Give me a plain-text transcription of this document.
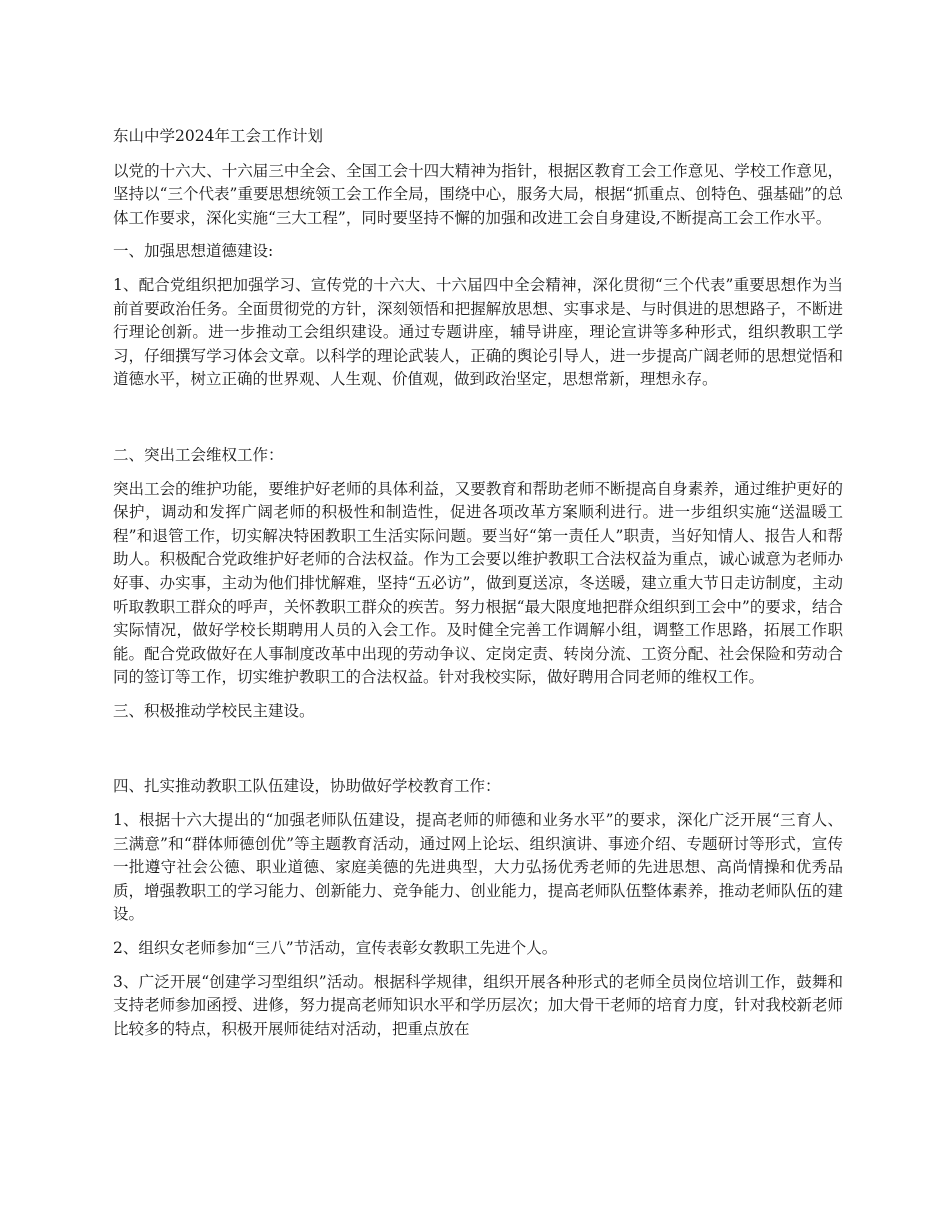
东山中学2024年工会工作计划

以党的十六大、十六届三中全会、全国工会十四大精神为指针，根据区教育工会工作意见、学校工作意见，坚持以“三个代表”重要思想统领工会工作全局，围绕中心，服务大局，根据“抓重点、创特色、强基础”的总体工作要求，深化实施“三大工程”，同时要坚持不懈的加强和改进工会自身建设,不断提高工会工作水平。

一、加强思想道德建设:

1、配合党组织把加强学习、宣传党的十六大、十六届四中全会精神，深化贯彻“三个代表”重要思想作为当前首要政治任务。全面贯彻党的方针，深刻领悟和把握解放思想、实事求是、与时俱进的思想路子，不断进行理论创新。进一步推动工会组织建设。通过专题讲座，辅导讲座，理论宣讲等多种形式，组织教职工学习，仔细撰写学习体会文章。以科学的理论武装人，正确的舆论引导人，进一步提高广阔老师的思想觉悟和道德水平，树立正确的世界观、人生观、价值观，做到政治坚定，思想常新，理想永存。

二、突出工会维权工作：

突出工会的维护功能，要维护好老师的具体利益，又要教育和帮助老师不断提高自身素养，通过维护更好的保护，调动和发挥广阔老师的积极性和制造性，促进各项改革方案顺利进行。进一步组织实施“送温暖工程”和退管工作，切实解决特困教职工生活实际问题。要当好“第一责任人”职责，当好知情人、报告人和帮助人。积极配合党政维护好老师的合法权益。作为工会要以维护教职工合法权益为重点，诚心诚意为老师办好事、办实事，主动为他们排忧解难，坚持“五必访”，做到夏送凉，冬送暖，建立重大节日走访制度，主动听取教职工群众的呼声，关怀教职工群众的疾苦。努力根据“最大限度地把群众组织到工会中”的要求，结合实际情况，做好学校长期聘用人员的入会工作。及时健全完善工作调解小组，调整工作思路，拓展工作职能。配合党政做好在人事制度改革中出现的劳动争议、定岗定责、转岗分流、工资分配、社会保险和劳动合同的签订等工作，切实维护教职工的合法权益。针对我校实际，做好聘用合同老师的维权工作。

三、积极推动学校民主建设。

四、扎实推动教职工队伍建设，协助做好学校教育工作：

1、根据十六大提出的“加强老师队伍建设，提高老师的师德和业务水平”的要求，深化广泛开展“三育人、三满意”和“群体师德创优”等主题教育活动，通过网上论坛、组织演讲、事迹介绍、专题研讨等形式，宣传一批遵守社会公德、职业道德、家庭美德的先进典型，大力弘扬优秀老师的先进思想、高尚情操和优秀品质，增强教职工的学习能力、创新能力、竞争能力、创业能力，提高老师队伍整体素养，推动老师队伍的建设。

2、组织女老师参加“三八”节活动，宣传表彰女教职工先进个人。

3、广泛开展“创建学习型组织”活动。根据科学规律，组织开展各种形式的老师全员岗位培训工作，鼓舞和支持老师参加函授、进修，努力提高老师知识水平和学历层次；加大骨干老师的培育力度，针对我校新老师比较多的特点，积极开展师徒结对活动，把重点放在
